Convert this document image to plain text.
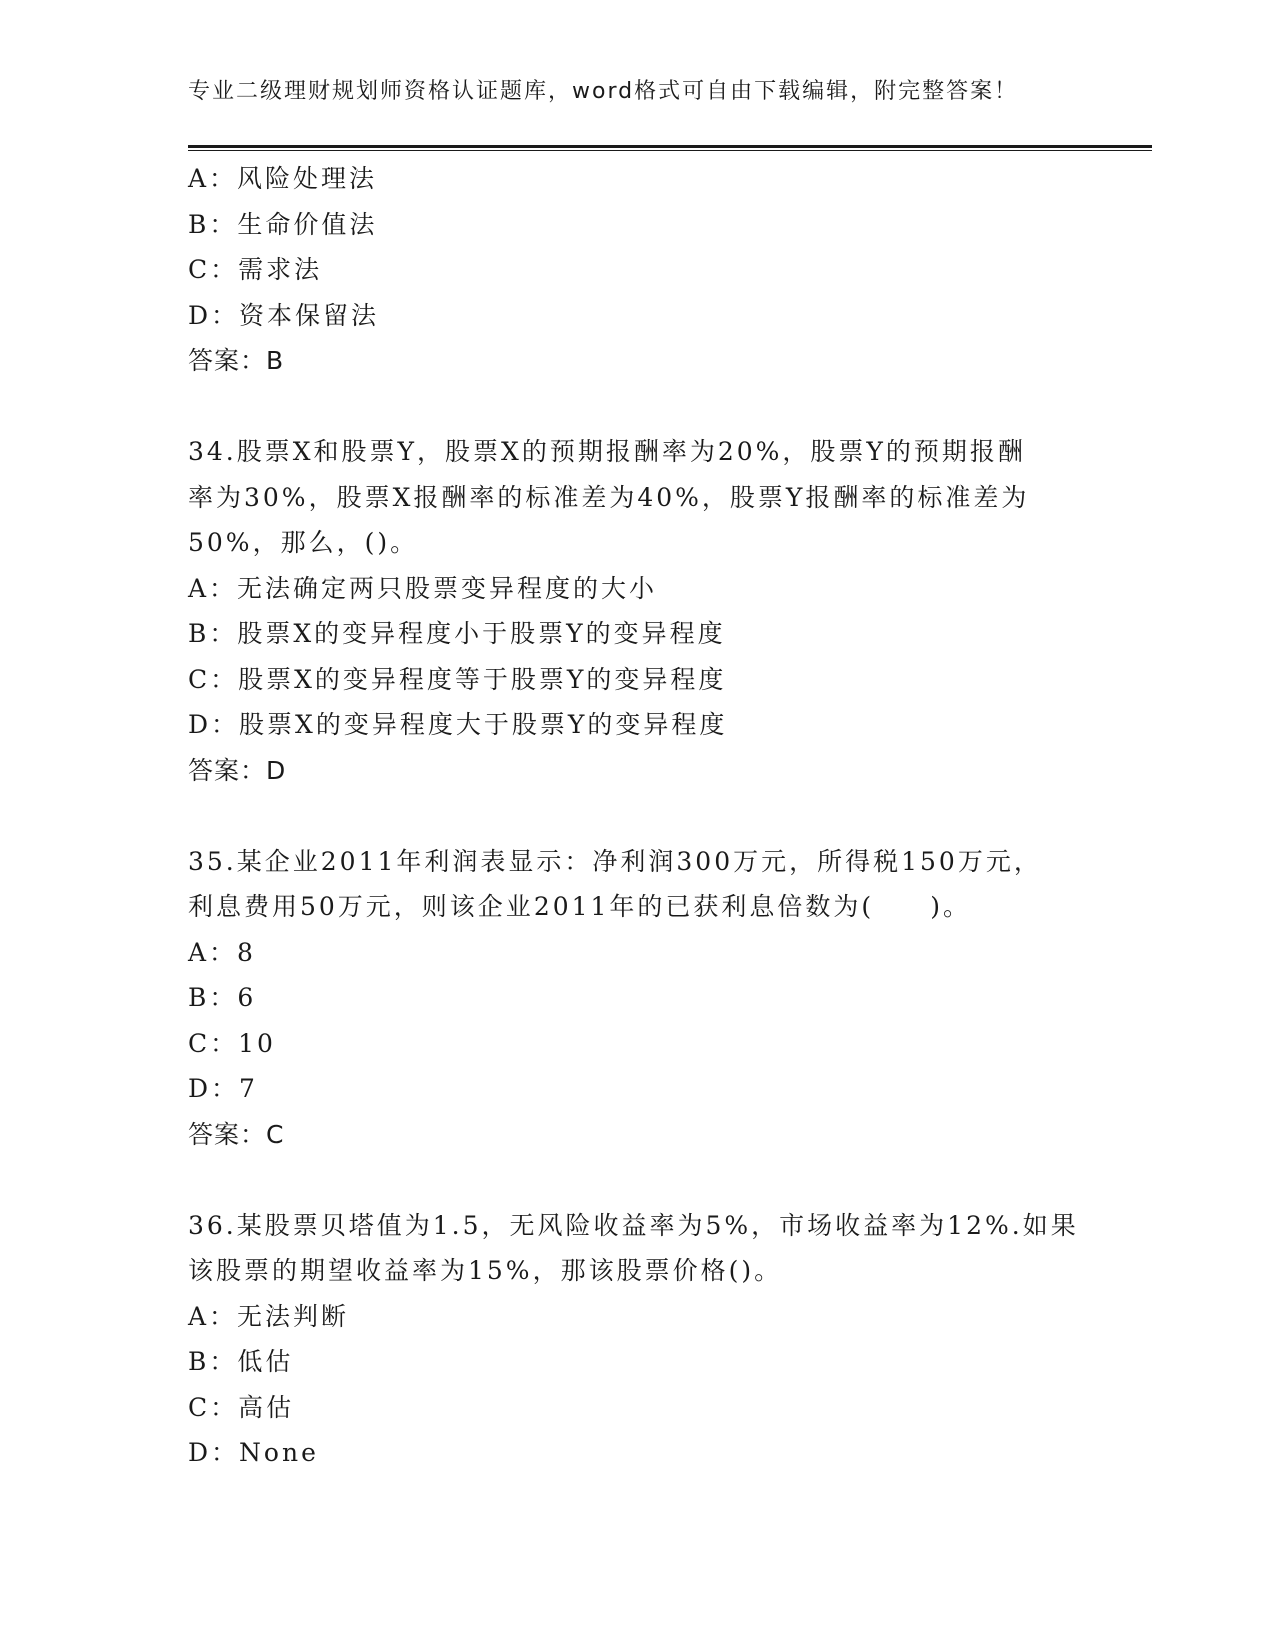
专业二级理财规划师资格认证题库，word格式可自由下载编辑，附完整答案！
A：风险处理法
B：生命价值法
C：需求法
D：资本保留法
答案：B
34.股票X和股票Y，股票X的预期报酬率为20%，股票Y的预期报酬
率为30%，股票X报酬率的标准差为40%，股票Y报酬率的标准差为
50%，那么，()。
A：无法确定两只股票变异程度的大小
B：股票X的变异程度小于股票Y的变异程度
C：股票X的变异程度等于股票Y的变异程度
D：股票X的变异程度大于股票Y的变异程度
答案：D
35.某企业2011年利润表显示：净利润300万元，所得税150万元，
利息费用50万元，则该企业2011年的已获利息倍数为(　　)。
A：8
B：6
C：10
D：7
答案：C
36.某股票贝塔值为1.5，无风险收益率为5%，市场收益率为12%.如果
该股票的期望收益率为15%，那该股票价格()。
A：无法判断
B：低估
C：高估
D：None
